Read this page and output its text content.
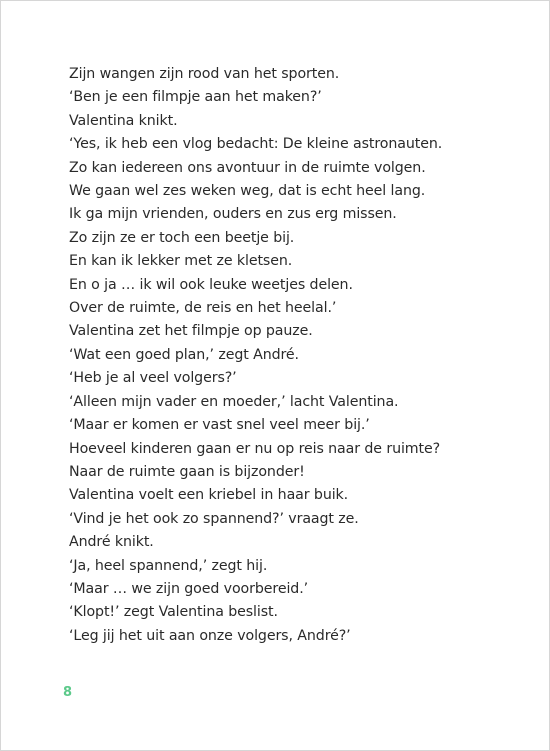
Zijn wangen zijn rood van het sporten.
‘Ben je een filmpje aan het maken?’
Valentina knikt.
‘Yes, ik heb een vlog bedacht: De kleine astronauten.
Zo kan iedereen ons avontuur in de ruimte volgen.
We gaan wel zes weken weg, dat is echt heel lang.
Ik ga mijn vrienden, ouders en zus erg missen.
Zo zijn ze er toch een beetje bij.
En kan ik lekker met ze kletsen.
En o ja … ik wil ook leuke weetjes delen.
Over de ruimte, de reis en het heelal.’
Valentina zet het filmpje op pauze.
‘Wat een goed plan,’ zegt André.
‘Heb je al veel volgers?’
‘Alleen mijn vader en moeder,’ lacht Valentina.
‘Maar er komen er vast snel veel meer bij.’
Hoeveel kinderen gaan er nu op reis naar de ruimte?
Naar de ruimte gaan is bijzonder!
Valentina voelt een kriebel in haar buik.
‘Vind je het ook zo spannend?’ vraagt ze.
André knikt.
‘Ja, heel spannend,’ zegt hij.
‘Maar … we zijn goed voorbereid.’
‘Klopt!’ zegt Valentina beslist.
‘Leg jij het uit aan onze volgers, André?’
8
